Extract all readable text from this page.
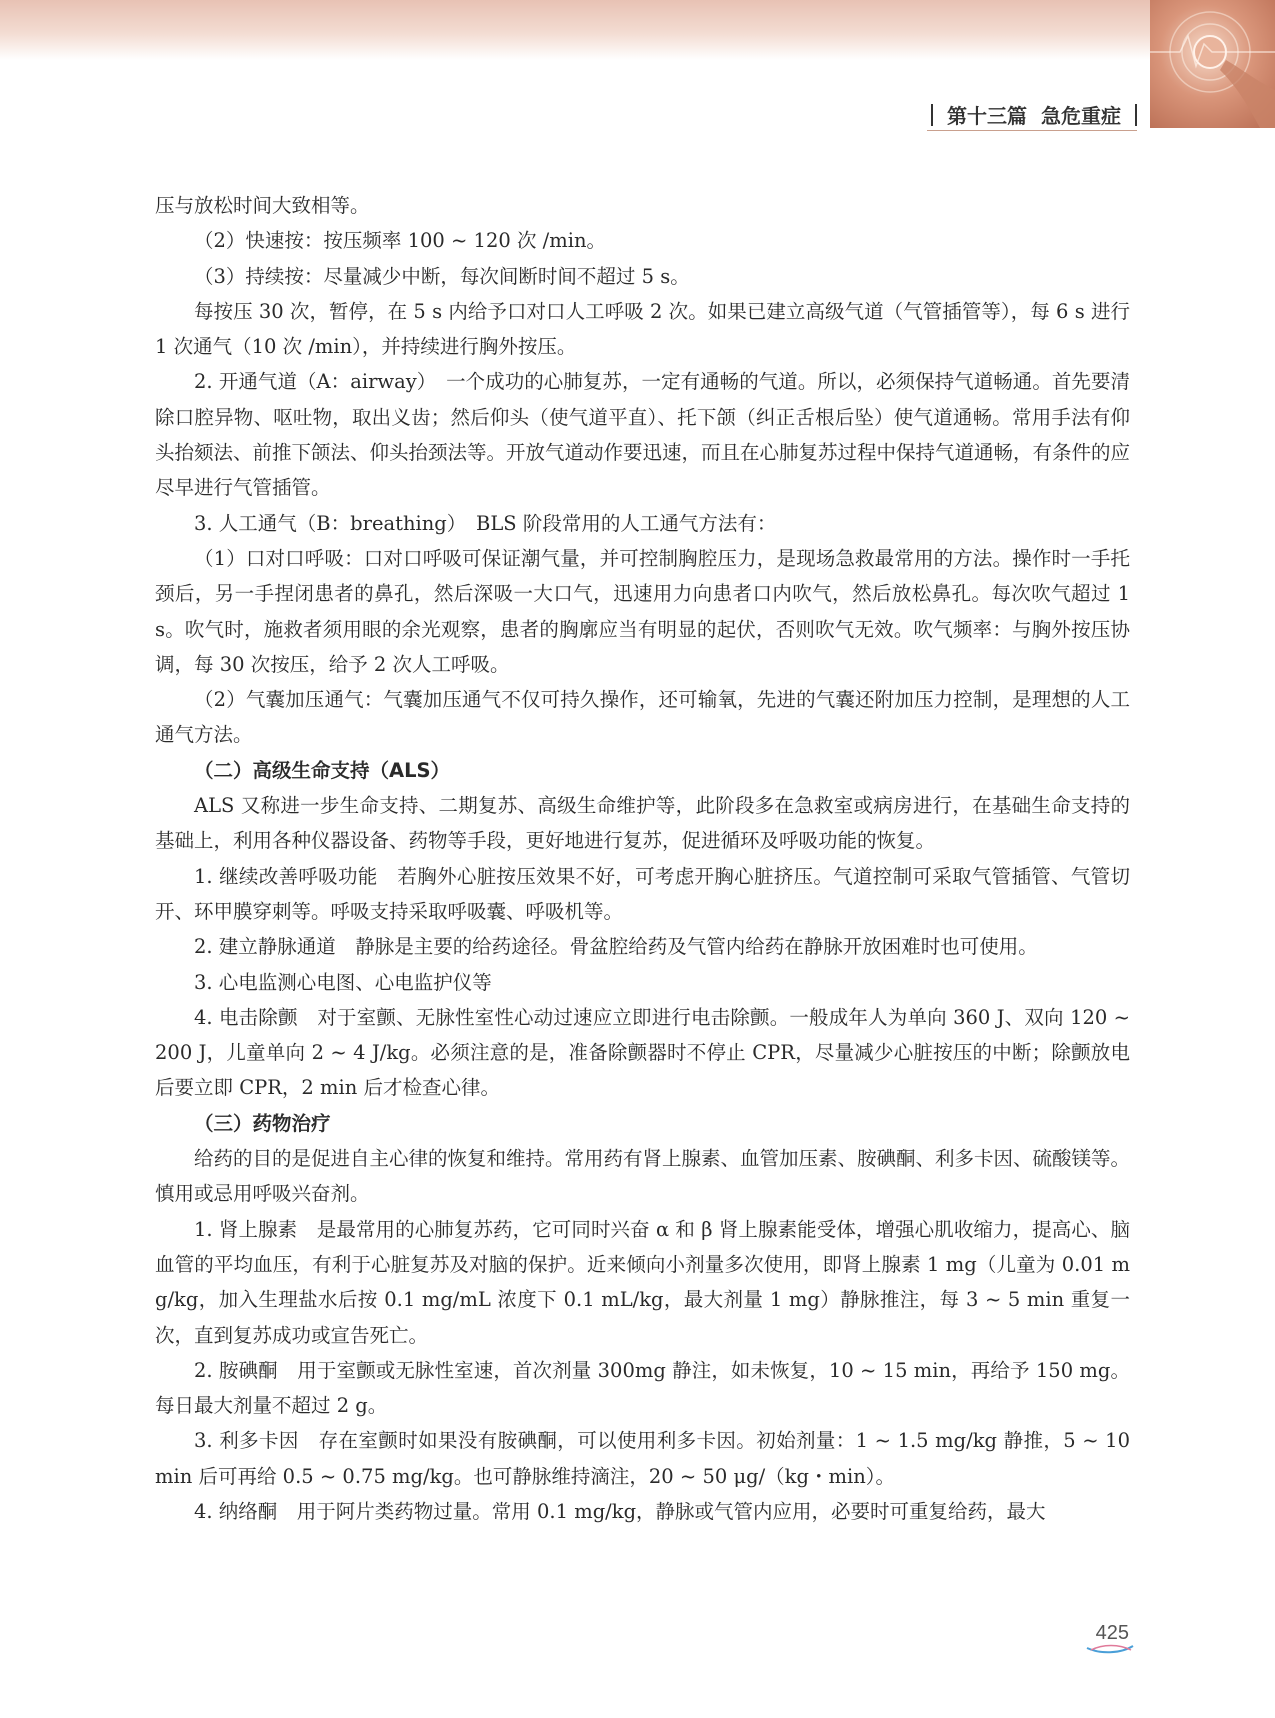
第十三篇 急危重症

压与放松时间大致相等。

（2）快速按：按压频率 100 ~ 120 次 /min。

（3）持续按：尽量减少中断，每次间断时间不超过 5 s。

每按压 30 次，暂停，在 5 s 内给予口对口人工呼吸 2 次。如果已建立高级气道（气管插管等），每 6 s 进行 1 次通气（10 次 /min），并持续进行胸外按压。

2. 开通气道（A：airway）　一个成功的心肺复苏，一定有通畅的气道。所以，必须保持气道畅通。首先要清除口腔异物、呕吐物，取出义齿；然后仰头（使气道平直）、托下颌（纠正舌根后坠）使气道通畅。常用手法有仰头抬颏法、前推下颌法、仰头抬颈法等。开放气道动作要迅速，而且在心肺复苏过程中保持气道通畅，有条件的应尽早进行气管插管。

3. 人工通气（B：breathing）　BLS 阶段常用的人工通气方法有：

（1）口对口呼吸：口对口呼吸可保证潮气量，并可控制胸腔压力，是现场急救最常用的方法。操作时一手托颈后，另一手捏闭患者的鼻孔，然后深吸一大口气，迅速用力向患者口内吹气，然后放松鼻孔。每次吹气超过 1 s。吹气时，施救者须用眼的余光观察，患者的胸廓应当有明显的起伏，否则吹气无效。吹气频率：与胸外按压协调，每 30 次按压，给予 2 次人工呼吸。

（2）气囊加压通气：气囊加压通气不仅可持久操作，还可输氧，先进的气囊还附加压力控制，是理想的人工通气方法。

（二）高级生命支持（ALS）

ALS 又称进一步生命支持、二期复苏、高级生命维护等，此阶段多在急救室或病房进行，在基础生命支持的基础上，利用各种仪器设备、药物等手段，更好地进行复苏，促进循环及呼吸功能的恢复。

1. 继续改善呼吸功能　若胸外心脏按压效果不好，可考虑开胸心脏挤压。气道控制可采取气管插管、气管切开、环甲膜穿刺等。呼吸支持采取呼吸囊、呼吸机等。

2. 建立静脉通道　静脉是主要的给药途径。骨盆腔给药及气管内给药在静脉开放困难时也可使用。

3. 心电监测心电图、心电监护仪等

4. 电击除颤　对于室颤、无脉性室性心动过速应立即进行电击除颤。一般成年人为单向 360 J、双向 120 ~ 200 J，儿童单向 2 ~ 4 J/kg。必须注意的是，准备除颤器时不停止 CPR，尽量减少心脏按压的中断；除颤放电后要立即 CPR，2 min 后才检查心律。

（三）药物治疗

给药的目的是促进自主心律的恢复和维持。常用药有肾上腺素、血管加压素、胺碘酮、利多卡因、硫酸镁等。慎用或忌用呼吸兴奋剂。

1. 肾上腺素　是最常用的心肺复苏药，它可同时兴奋 α 和 β 肾上腺素能受体，增强心肌收缩力，提高心、脑血管的平均血压，有利于心脏复苏及对脑的保护。近来倾向小剂量多次使用，即肾上腺素 1 mg（儿童为 0.01 mg/kg，加入生理盐水后按 0.1 mg/mL 浓度下 0.1 mL/kg，最大剂量 1 mg）静脉推注，每 3 ~ 5 min 重复一次，直到复苏成功或宣告死亡。

2. 胺碘酮　用于室颤或无脉性室速，首次剂量 300mg 静注，如未恢复，10 ~ 15 min，再给予 150 mg。每日最大剂量不超过 2 g。

3. 利多卡因　存在室颤时如果没有胺碘酮，可以使用利多卡因。初始剂量：1 ~ 1.5 mg/kg 静推，5 ~ 10 min 后可再给 0.5 ~ 0.75 mg/kg。也可静脉维持滴注，20 ~ 50 μg/（kg・min）。

4. 纳络酮　用于阿片类药物过量。常用 0.1 mg/kg，静脉或气管内应用，必要时可重复给药，最大

425
